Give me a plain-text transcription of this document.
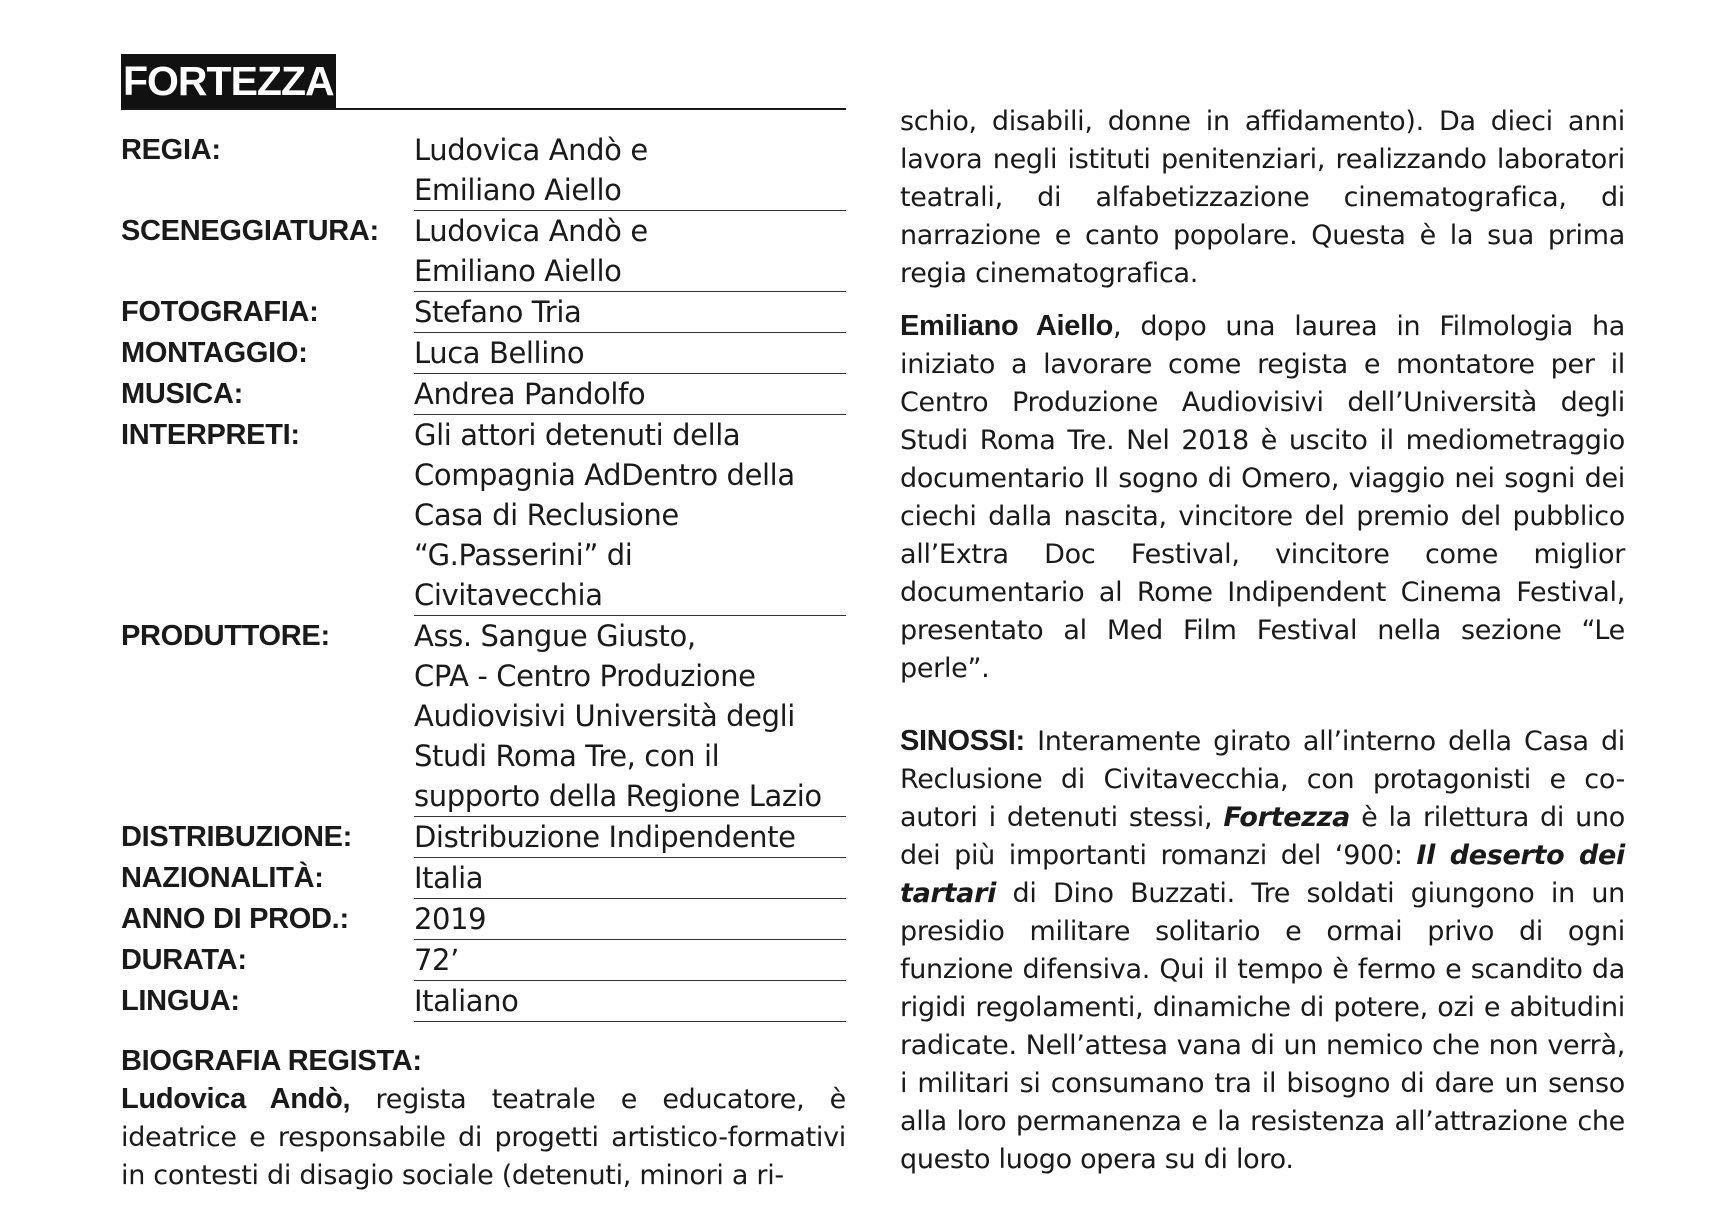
FORTEZZA
REGIA:	Ludovica Andò e
Emiliano Aiello
SCENEGGIATURA:	Ludovica Andò e
Emiliano Aiello
FOTOGRAFIA:	Stefano Tria
MONTAGGIO:	Luca Bellino
MUSICA:	Andrea Pandolfo
INTERPRETI:	Gli attori detenuti della
Compagnia AdDentro della
Casa di Reclusione
“G.Passerini” di
Civitavecchia
PRODUTTORE:	Ass. Sangue Giusto,
CPA - Centro Produzione
Audiovisivi Università degli
Studi Roma Tre, con il
supporto della Regione Lazio
DISTRIBUZIONE:	Distribuzione Indipendente
NAZIONALITÀ:	Italia
ANNO DI PROD.:	2019
DURATA:	72’
LINGUA:	Italiano
BIOGRAFIA REGISTA:

Ludovica Andò, regista teatrale e educatore, è ideatrice e responsabile di progetti artistico-formativi in contesti di disagio sociale (detenuti, minori a ri-

schio, disabili, donne in affidamento). Da dieci anni lavora negli istituti penitenziari, realizzando laboratori teatrali, di alfabetizzazione cinematografica, di narrazione e canto popolare. Questa è la sua prima regia cinematografica.

Emiliano Aiello, dopo una laurea in Filmologia ha iniziato a lavorare come regista e montatore per il Centro Produzione Audiovisivi dell’Università degli Studi Roma Tre. Nel 2018 è uscito il mediometraggio documentario Il sogno di Omero, viaggio nei sogni dei ciechi dalla nascita, vincitore del premio del pubblico all’Extra Doc Festival, vincitore come miglior documentario al Rome Indipendent Cinema Festival, presentato al Med Film Festival nella sezione “Le perle”.

SINOSSI: Interamente girato all’interno della Casa di Reclusione di Civitavecchia, con protagonisti e co-autori i detenuti stessi, Fortezza è la rilettura di uno dei più importanti romanzi del ‘900: Il deserto dei tartari di Dino Buzzati. Tre soldati giungono in un presidio militare solitario e ormai privo di ogni funzione difensiva. Qui il tempo è fermo e scandito da rigidi regolamenti, dinamiche di potere, ozi e abitudini radicate. Nell’attesa vana di un nemico che non verrà, i militari si consumano tra il bisogno di dare un senso alla loro permanenza e la resistenza all’attrazione che questo luogo opera su di loro.
